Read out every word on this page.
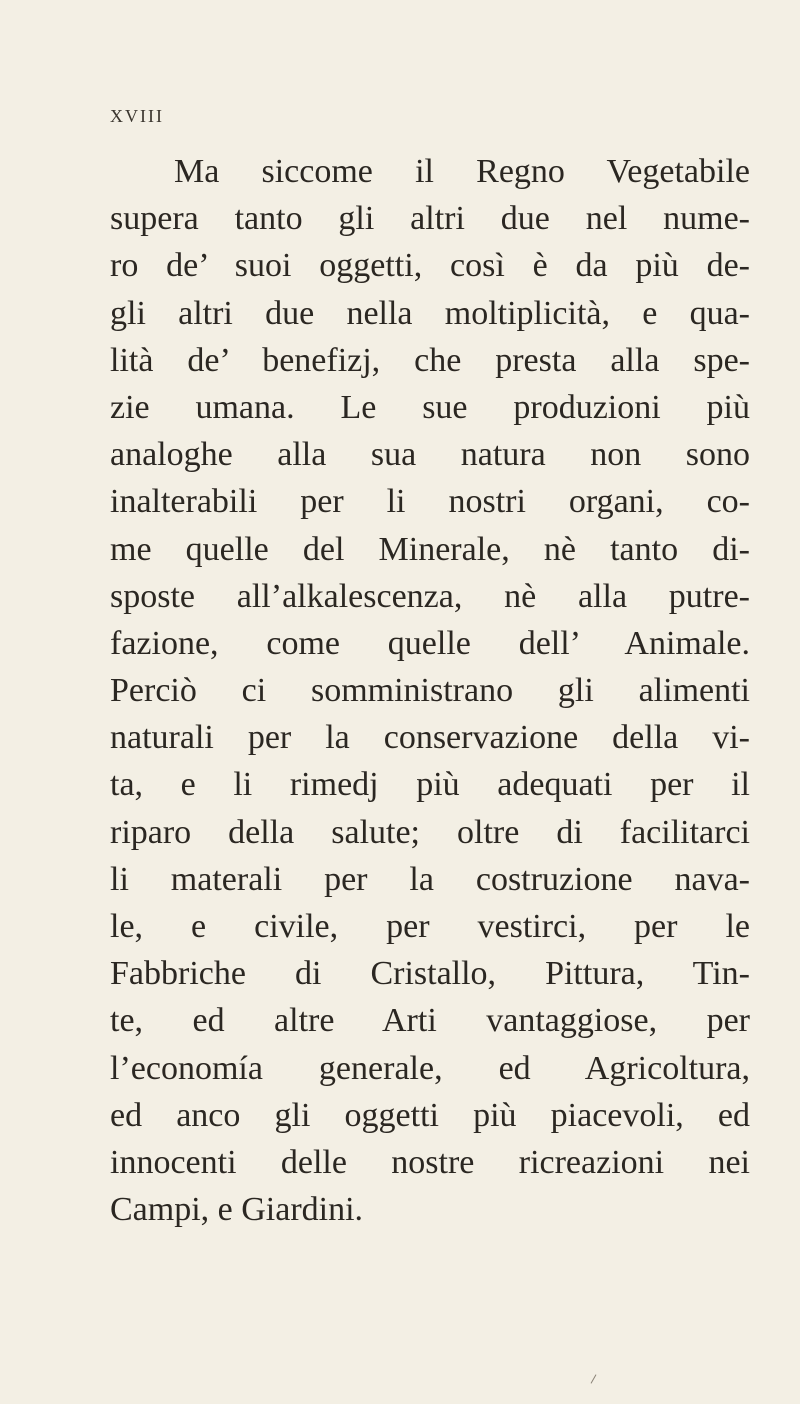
XVIII
Ma siccome il Regno Vegetabile
supera tanto gli altri due nel nume-
ro de’ suoi oggetti, così è da più de-
gli altri due nella moltiplicità, e qua-
lità de’ benefizj, che presta alla spe-
zie umana. Le sue produzioni più
analoghe alla sua natura non sono
inalterabili per li nostri organi, co-
me quelle del Minerale, nè tanto di-
sposte all’alkalescenza, nè alla putre-
fazione, come quelle dell’ Animale.
Perciò ci somministrano gli alimenti
naturali per la conservazione della vi-
ta, e li rimedj più adequati per il
riparo della salute; oltre di facilitarci
li materali per la costruzione nava-
le, e civile, per vestirci, per le
Fabbriche di Cristallo, Pittura, Tin-
te, ed altre Arti vantaggiose, per
l’economía generale, ed Agricoltura,
ed anco gli oggetti più piacevoli, ed
innocenti delle nostre ricreazioni nei
Campi, e Giardini.
